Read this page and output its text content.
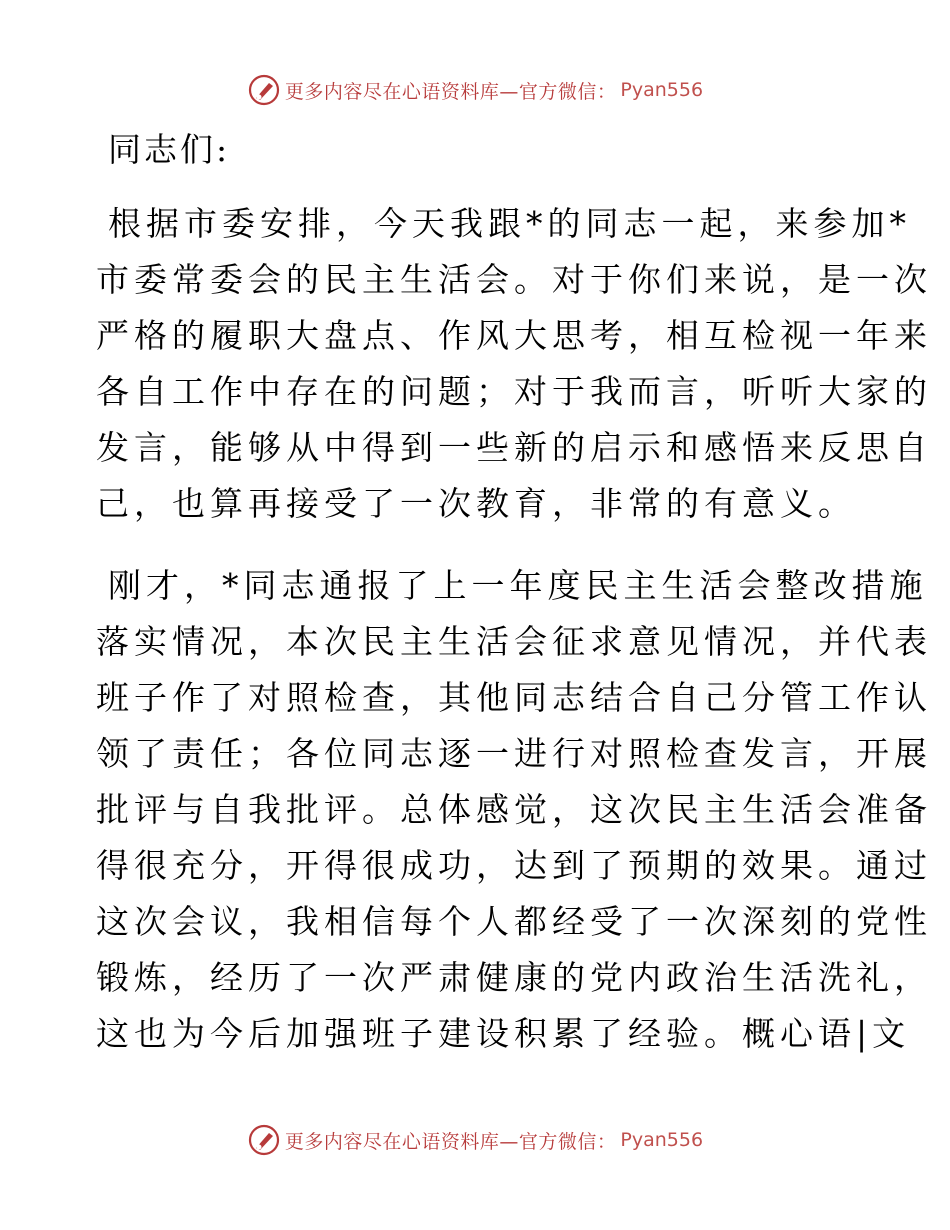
更多内容尽在心语资料库—官方微信： Pyan556
同志们:
根据市委安排，今天我跟*的同志一起，来参加*
市委常委会的民主生活会。对于你们来说，是一次
严格的履职大盘点、作风大思考，相互检视一年来
各自工作中存在的问题；对于我而言，听听大家的
发言，能够从中得到一些新的启示和感悟来反思自
己，也算再接受了一次教育，非常的有意义。
刚才，*同志通报了上一年度民主生活会整改措施
落实情况，本次民主生活会征求意见情况，并代表
班子作了对照检查，其他同志结合自己分管工作认
领了责任；各位同志逐一进行对照检查发言，开展
批评与自我批评。总体感觉，这次民主生活会准备
得很充分，开得很成功，达到了预期的效果。通过
这次会议，我相信每个人都经受了一次深刻的党性
锻炼，经历了一次严肃健康的党内政治生活洗礼，
这也为今后加强班子建设积累了经验。概心语|文
更多内容尽在心语资料库—官方微信： Pyan556
